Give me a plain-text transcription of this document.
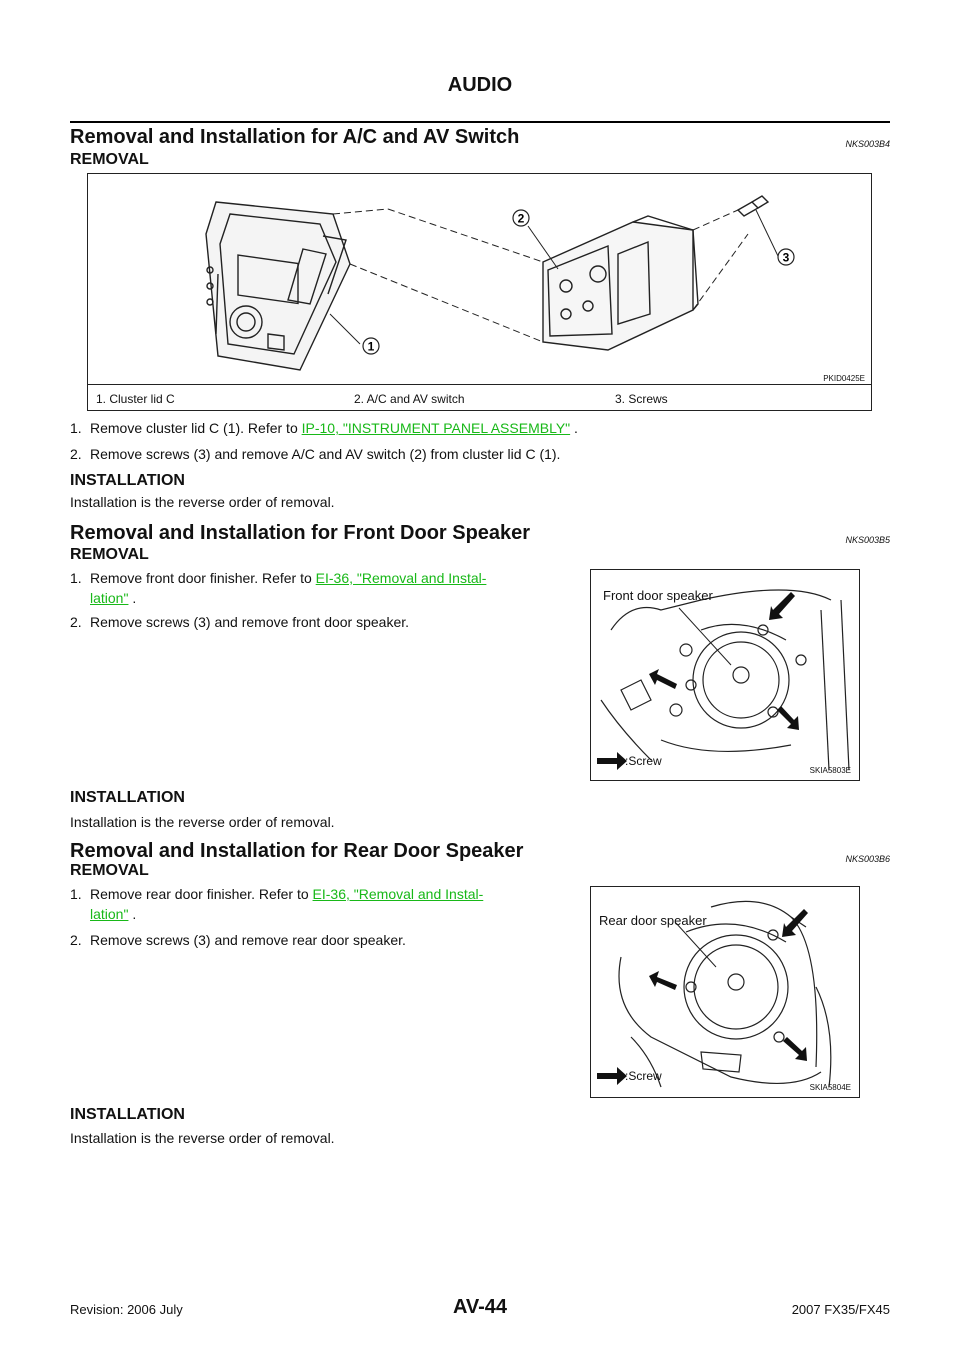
AUDIO
Removal and Installation for A/C and AV Switch	NKS003B4
REMOVAL
1
2
3
PKID0425E
1. Cluster lid C	2. A/C and AV switch	3. Screws
1. Remove cluster lid C (1). Refer to IP-10, "INSTRUMENT PANEL ASSEMBLY" .
2. Remove screws (3) and remove A/C and AV switch (2) from cluster lid C (1).
INSTALLATION
Installation is the reverse order of removal.
Removal and Installation for Front Door Speaker	NKS003B5
REMOVAL
1. Remove front door finisher. Refer to EI-36, "Removal and Instal-
lation" .
2. Remove screws (3) and remove front door speaker.
Front door speaker
:Screw
SKIA5803E
INSTALLATION
Installation is the reverse order of removal.
Removal and Installation for Rear Door Speaker	NKS003B6
REMOVAL
1. Remove rear door finisher. Refer to EI-36, "Removal and Instal-
lation" .
2. Remove screws (3) and remove rear door speaker.
Rear door speaker
:Screw
SKIA5804E
INSTALLATION
Installation is the reverse order of removal.
AV-44
Revision: 2006 July	2007 FX35/FX45
